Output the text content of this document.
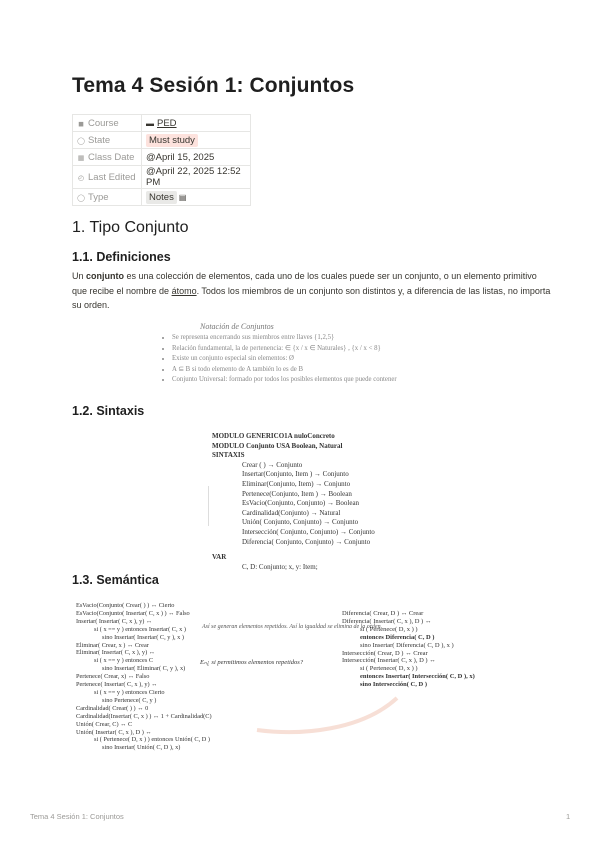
Tema 4 Sesión 1: Conjuntos
◼ Course	▬ PED
◯ State	Must study
▦ Class Date	@April 15, 2025
◴ Last Edited	@April 22, 2025 12:52 PM
◯ Type	Notes ▤
1. Tipo Conjunto
1.1. Definiciones

Un conjunto es una colección de elementos, cada uno de los cuales puede ser un conjunto, o un elemento primitivo que recibe el nombre de átomo. Todos los miembros de un conjunto son distintos y, a diferencia de las listas, no importa su orden.

Notación de Conjuntos
• Se representa encerrando sus miembros entre llaves {1,2,5}
• Relación fundamental, la de pertenencia: ∈ {x / x ∈ Naturales} , {x / x < 8}
• Existe un conjunto especial sin elementos: Ø
• A ⊆ B si todo elemento de A también lo es de B
• Conjunto Universal: formado por todos los posibles elementos que puede contener
1.2. Sintaxis
MODULO GENERICO1A nuloConcreto
MODULO Conjunto USA Boolean, Natural
SINTAXIS
Crear ( ) → Conjunto
Insertar(Conjunto, Item ) → Conjunto
Eliminar(Conjunto, Item) → Conjunto
Pertenece(Conjunto, Item ) → Boolean
EsVacio(Conjunto, Conjunto) → Boolean
Cardinalidad(Conjunto) → Natural
Unión( Conjunto, Conjunto) → Conjunto
Intersección( Conjunto, Conjunto) → Conjunto
Diferencia( Conjunto, Conjunto) → Conjunto
VAR
C, D: Conjunto; x, y: Item;
1.3. Semántica
EsVacio(Conjunto( Crear( ) ) ↔ Cierto
EsVacio(Conjunto( Insertar( C, x ) ) ↔ Falso
Insertar( Insertar( C, x ), y) ↔
si ( x == y ) entonces Insertar( C, x )
sino Insertar( Insertar( C, y ), x )
Eliminar( Crear, x ) ↔ Crear
Eliminar( Insertar( C, x ), y) ↔
si ( x == y ) entonces C
sino Insertar( Eliminar( C, y ), x)
Pertenece( Crear, x) ↔ Falso
Pertenece( Insertar( C, x ), y) ↔
si ( x == y ) entonces Cierto
sino Pertenece( C, y )
Cardinalidad( Crear( ) ) ↔ 0
Cardinalidad(Insertar( C, x ) ) ↔ 1 + Cardinalidad(C)
Unión( Crear, C) ↔ C
Unión( Insertar( C, x ), D ) ↔
si ( Pertenece( D, x ) ) entonces Unión( C, D )
sino Insertar( Unión( C, D ), x)
Así se generan elementos repetidos. Así la igualdad se elimina de la orden.
Eₙ¿ si permitimos elementos repetidos?
Diferencia( Crear, D ) ↔ Crear
Diferencia( Insertar( C, x ), D ) ↔
si ( Pertenece( D, x ) )
entonces Diferencia( C, D )
sino Insertar( Diferencia( C, D ), x )
Intersección( Crear, D ) ↔ Crear
Intersección( Insertar( C, x ), D ) ↔
si ( Pertenece( D, x ) )
entonces Insertar( Intersección( C, D ), x)
sino Intersección( C, D )
Tema 4 Sesión 1: Conjuntos	1
